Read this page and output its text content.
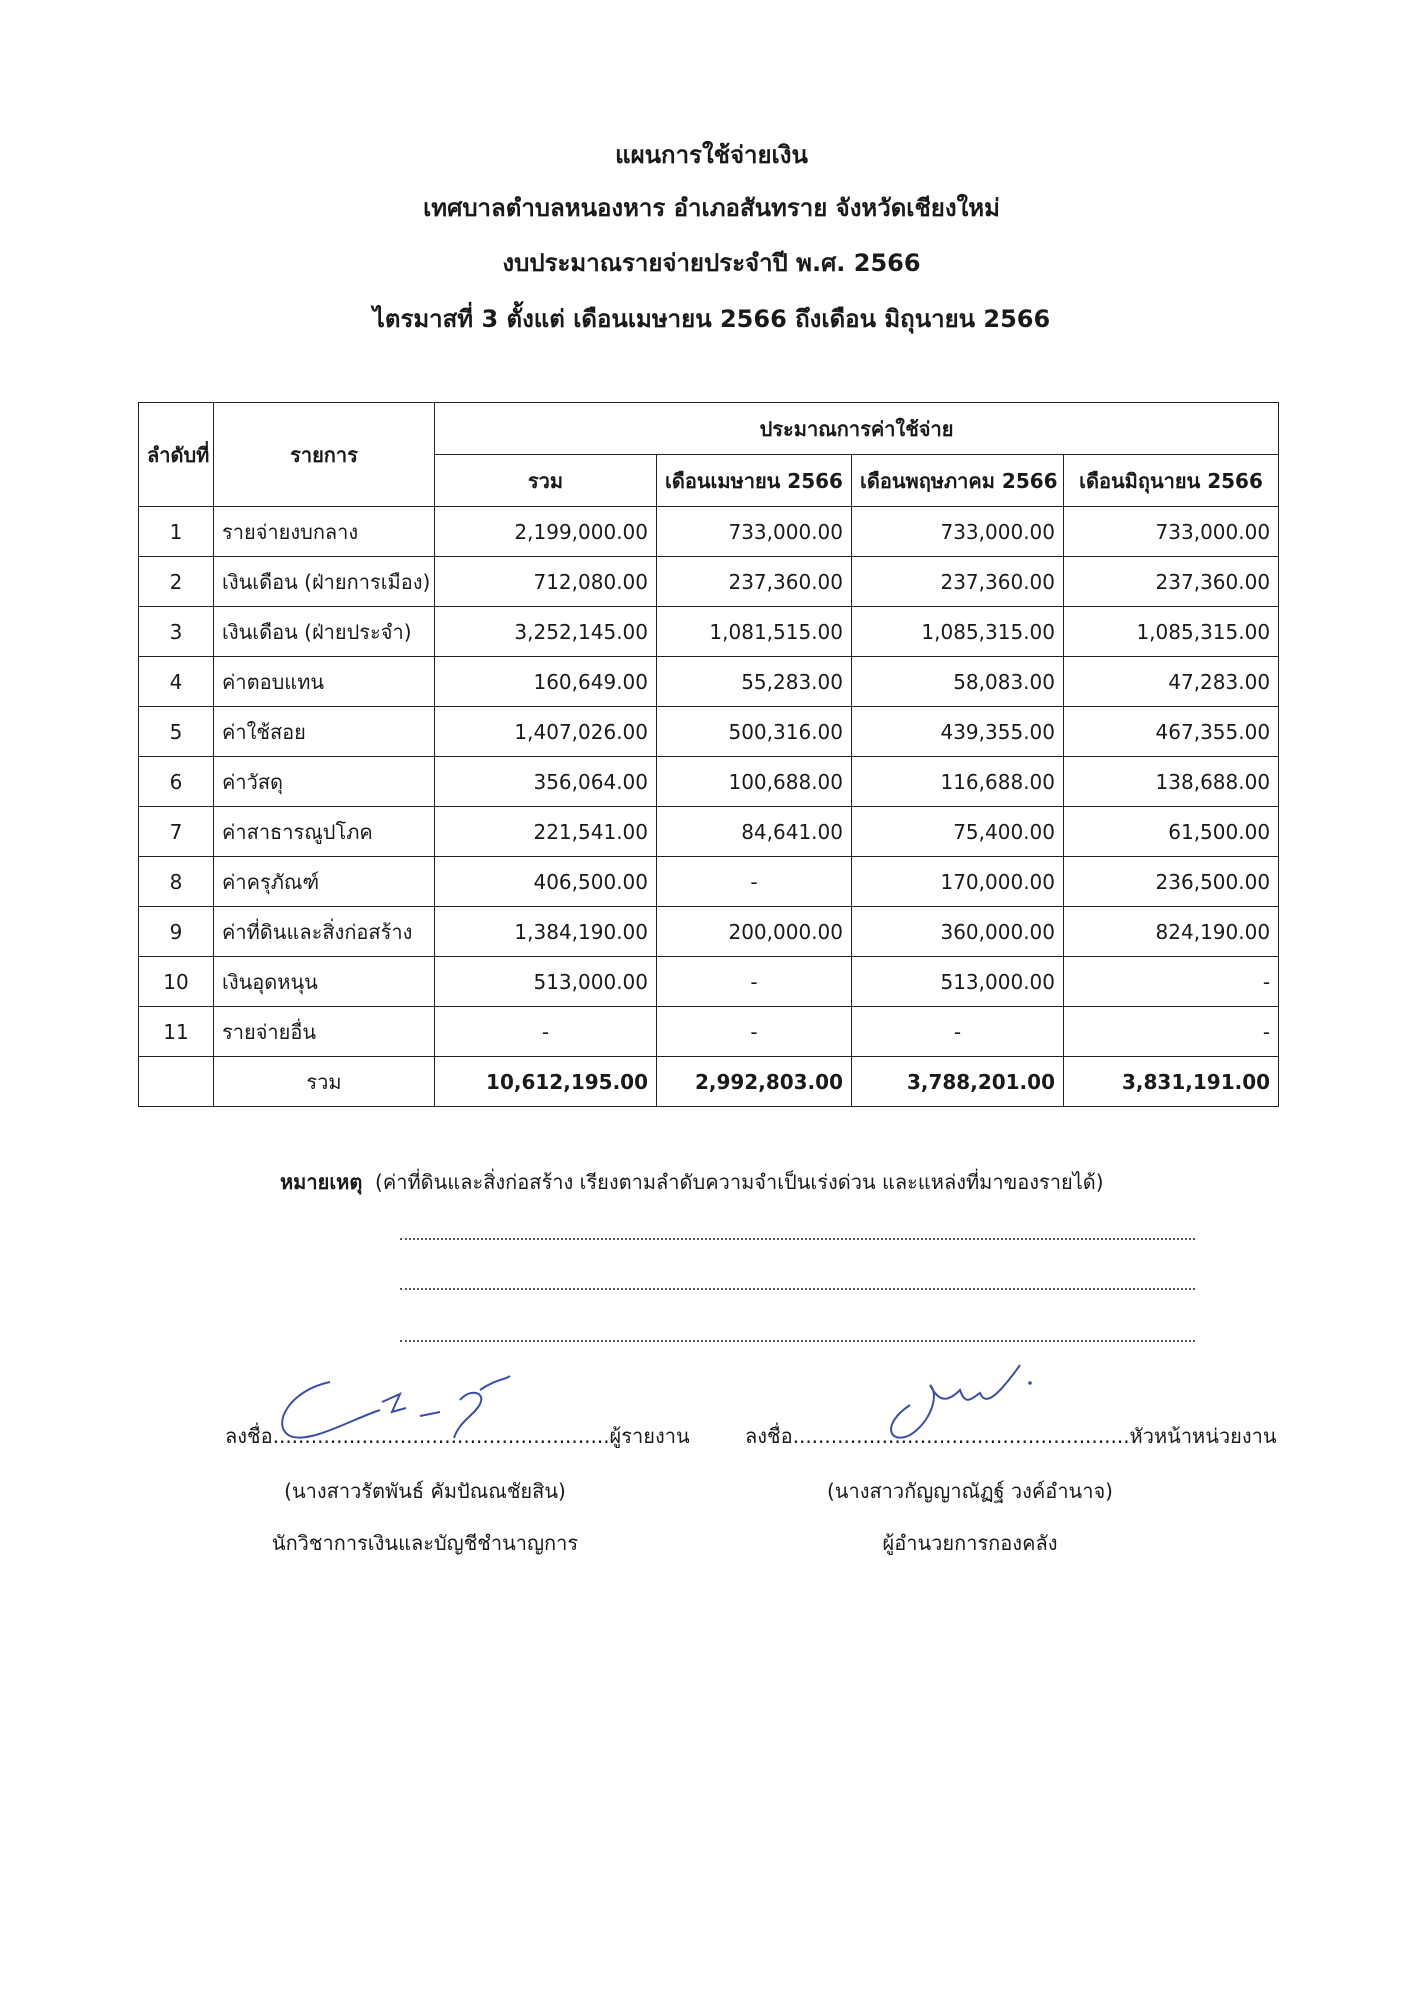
แผนการใช้จ่ายเงิน
เทศบาลตำบลหนองหาร อำเภอสันทราย จังหวัดเชียงใหม่
งบประมาณรายจ่ายประจำปี พ.ศ. 2566
ไตรมาสที่ 3 ตั้งแต่ เดือนเมษายน 2566 ถึงเดือน มิถุนายน 2566
ลำดับที่	รายการ	ประมาณการค่าใช้จ่าย			
		รวม	เดือนเมษายน 2566	เดือนพฤษภาคม 2566	เดือนมิถุนายน 2566
1	รายจ่ายงบกลาง	2,199,000.00	733,000.00	733,000.00	733,000.00
2	เงินเดือน (ฝ่ายการเมือง)	712,080.00	237,360.00	237,360.00	237,360.00
3	เงินเดือน (ฝ่ายประจำ)	3,252,145.00	1,081,515.00	1,085,315.00	1,085,315.00
4	ค่าตอบแทน	160,649.00	55,283.00	58,083.00	47,283.00
5	ค่าใช้สอย	1,407,026.00	500,316.00	439,355.00	467,355.00
6	ค่าวัสดุ	356,064.00	100,688.00	116,688.00	138,688.00
7	ค่าสาธารณูปโภค	221,541.00	84,641.00	75,400.00	61,500.00
8	ค่าครุภัณฑ์	406,500.00	-	170,000.00	236,500.00
9	ค่าที่ดินและสิ่งก่อสร้าง	1,384,190.00	200,000.00	360,000.00	824,190.00
10	เงินอุดหนุน	513,000.00	-	513,000.00	-
11	รายจ่ายอื่น	-	-	-	-
	รวม	10,612,195.00	2,992,803.00	3,788,201.00	3,831,191.00
หมายเหตุ (ค่าที่ดินและสิ่งก่อสร้าง เรียงตามลำดับความจำเป็นเร่งด่วน และแหล่งที่มาของรายได้)
ลงชื่อ.....................................................ผู้รายงาน
(นางสาวรัตพันธ์ คัมปัณณชัยสิน)
นักวิชาการเงินและบัญชีชำนาญการ
ลงชื่อ.....................................................หัวหน้าหน่วยงาน
(นางสาวกัญญาณัฏฐ์ วงค์อำนาจ)
ผู้อำนวยการกองคลัง
